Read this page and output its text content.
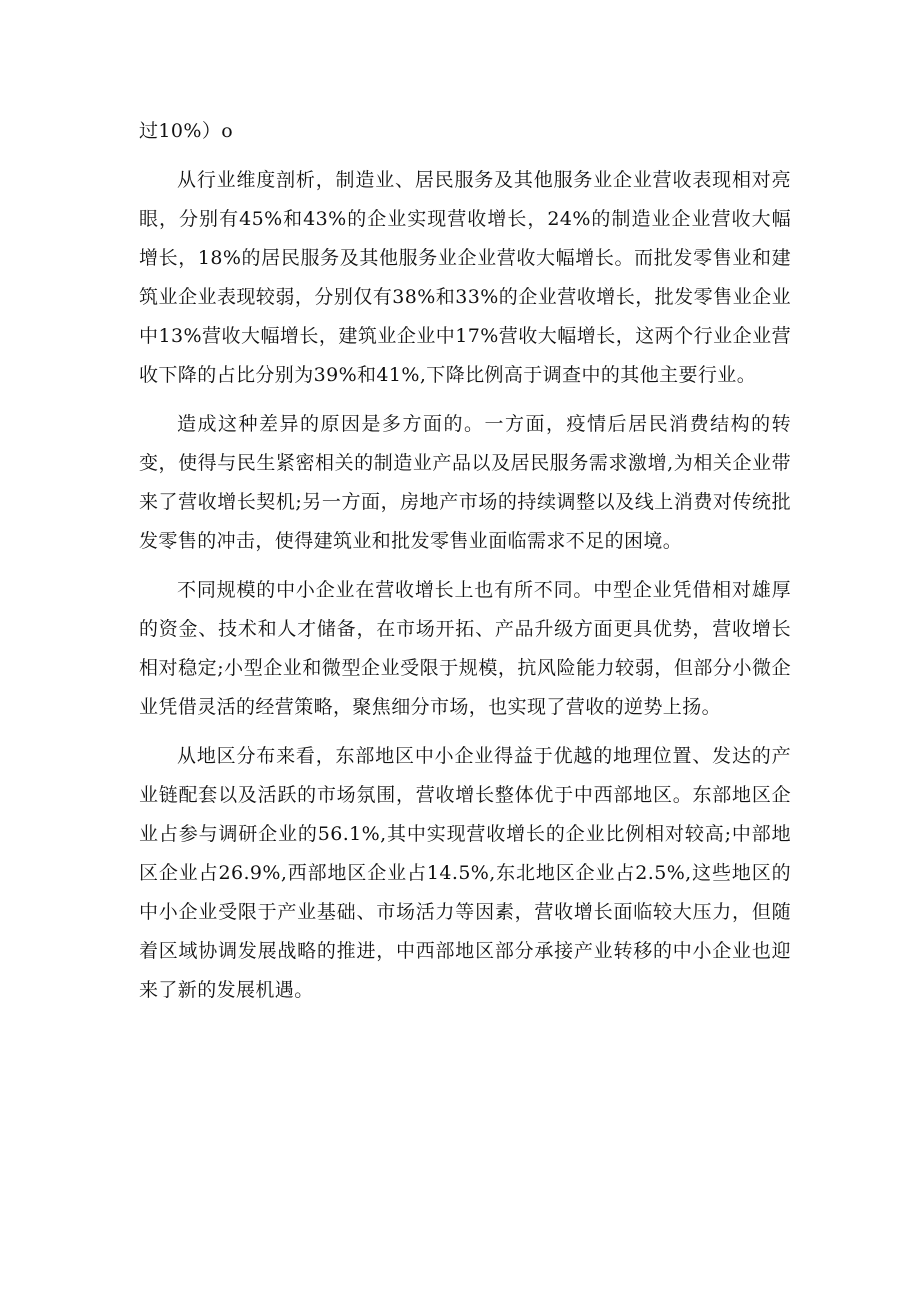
过10%）o

从行业维度剖析，制造业、居民服务及其他服务业企业营收表现相对亮眼，分别有45%和43%的企业实现营收增长，24%的制造业企业营收大幅增长，18%的居民服务及其他服务业企业营收大幅增长。而批发零售业和建筑业企业表现较弱，分别仅有38%和33%的企业营收增长，批发零售业企业中13%营收大幅增长，建筑业企业中17%营收大幅增长，这两个行业企业营收下降的占比分别为39%和41%,下降比例高于调查中的其他主要行业。

造成这种差异的原因是多方面的。一方面，疫情后居民消费结构的转变，使得与民生紧密相关的制造业产品以及居民服务需求激增,为相关企业带来了营收增长契机;另一方面，房地产市场的持续调整以及线上消费对传统批发零售的冲击，使得建筑业和批发零售业面临需求不足的困境。

不同规模的中小企业在营收增长上也有所不同。中型企业凭借相对雄厚的资金、技术和人才储备，在市场开拓、产品升级方面更具优势，营收增长相对稳定;小型企业和微型企业受限于规模，抗风险能力较弱，但部分小微企业凭借灵活的经营策略，聚焦细分市场，也实现了营收的逆势上扬。

从地区分布来看，东部地区中小企业得益于优越的地理位置、发达的产业链配套以及活跃的市场氛围，营收增长整体优于中西部地区。东部地区企业占参与调研企业的56.1%,其中实现营收增长的企业比例相对较高;中部地区企业占26.9%,西部地区企业占14.5%,东北地区企业占2.5%,这些地区的中小企业受限于产业基础、市场活力等因素，营收增长面临较大压力，但随着区域协调发展战略的推进，中西部地区部分承接产业转移的中小企业也迎来了新的发展机遇。
